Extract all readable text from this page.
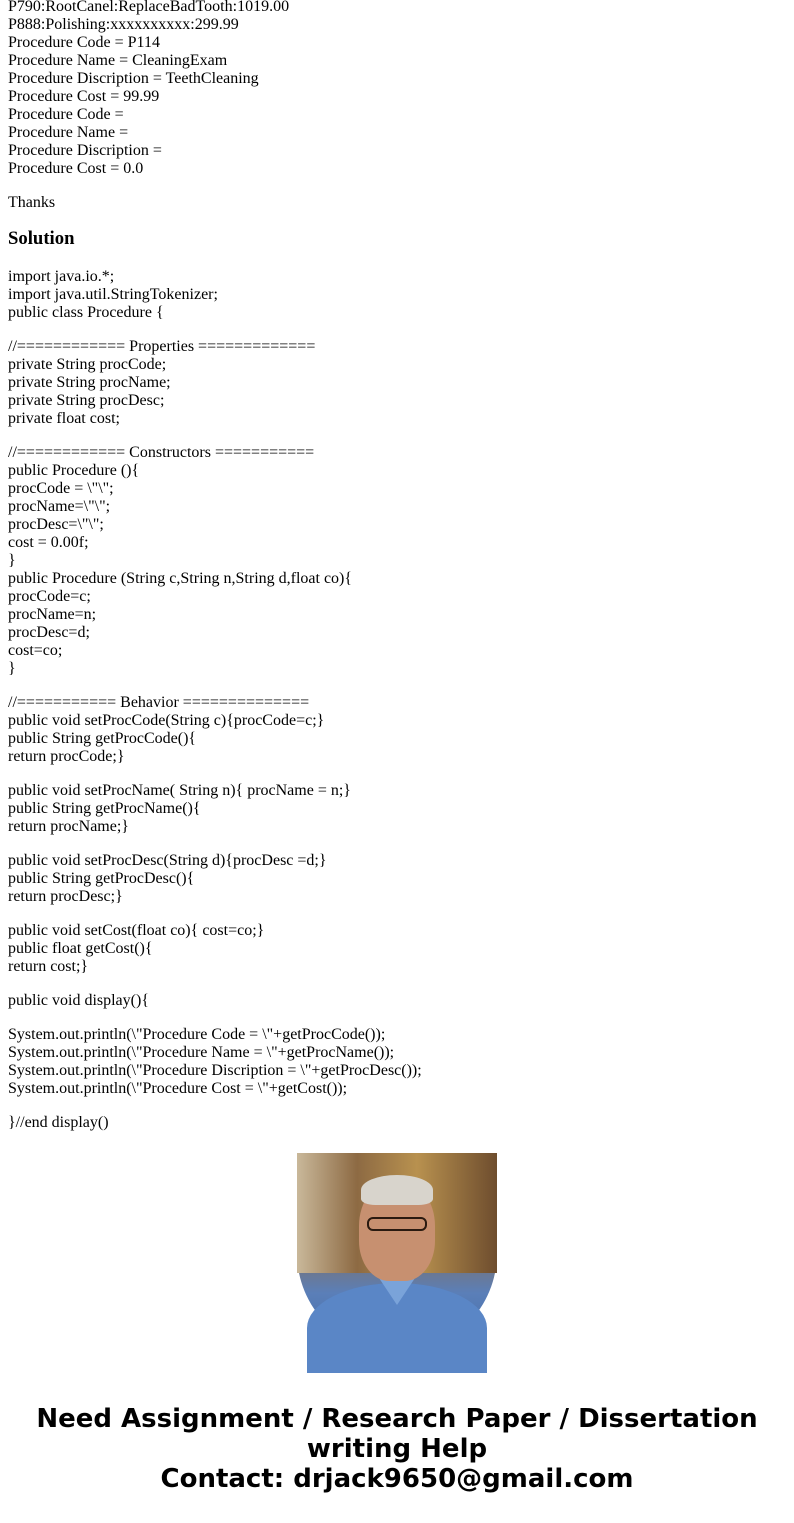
P790:RootCanel:ReplaceBadTooth:1019.00
P888:Polishing:xxxxxxxxxx:299.99
Procedure Code = P114
Procedure Name = CleaningExam
Procedure Discription = TeethCleaning
Procedure Cost = 99.99
Procedure Code =
Procedure Name =
Procedure Discription =
Procedure Cost = 0.0
Thanks
Solution
import java.io.*;
import java.util.StringTokenizer;
public class Procedure {
//============ Properties =============
private String procCode;
private String procName;
private String procDesc;
private float cost;
//============ Constructors ===========
public Procedure (){
procCode = \"\";
procName=\"\";
procDesc=\"\";
cost = 0.00f;
}
public Procedure (String c,String n,String d,float co){
procCode=c;
procName=n;
procDesc=d;
cost=co;
}
//=========== Behavior ==============
public void setProcCode(String c){procCode=c;}
public String getProcCode(){
return procCode;}
public void setProcName( String n){ procName = n;}
public String getProcName(){
return procName;}
public void setProcDesc(String d){procDesc =d;}
public String getProcDesc(){
return procDesc;}
public void setCost(float co){ cost=co;}
public float getCost(){
return cost;}
public void display(){
System.out.println(\"Procedure Code = \"+getProcCode());
System.out.println(\"Procedure Name = \"+getProcName());
System.out.println(\"Procedure Discription = \"+getProcDesc());
System.out.println(\"Procedure Cost = \"+getCost());
}//end display()
Need Assignment / Research Paper / Dissertation
writing Help
Contact: drjack9650@gmail.com
